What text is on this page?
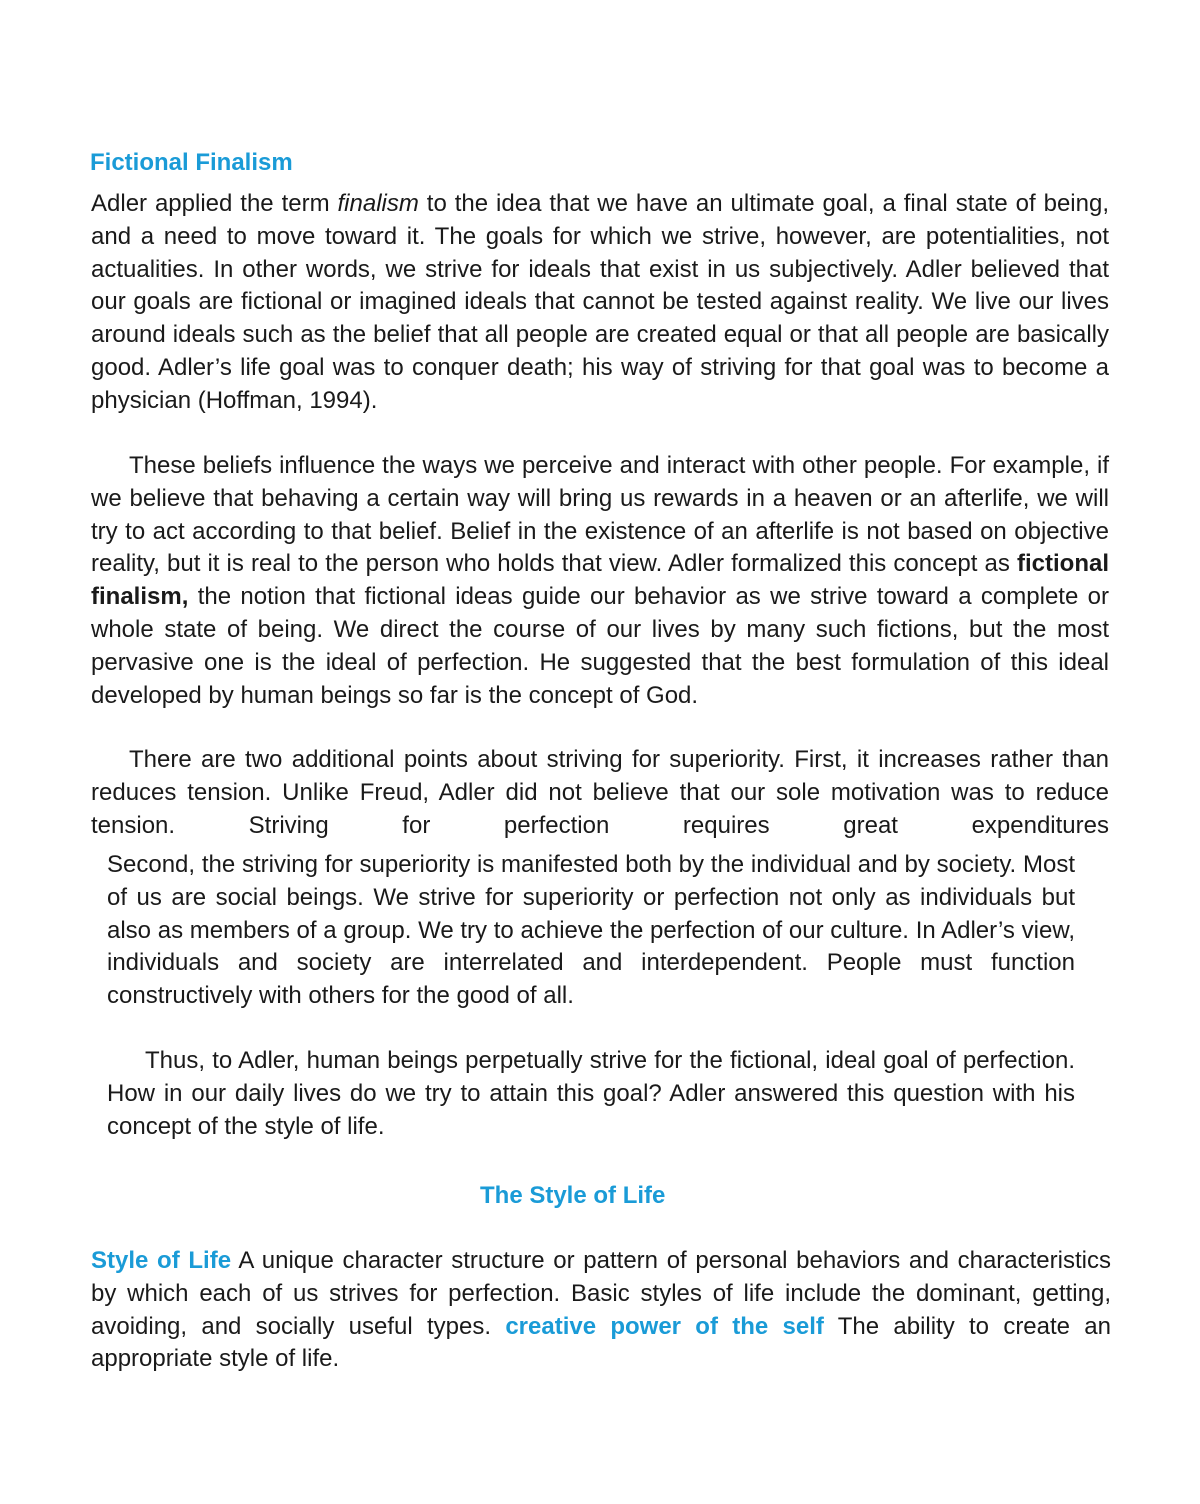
Fictional Finalism

Adler applied the term finalism to the idea that we have an ultimate goal, a final state of being, and a need to move toward it. The goals for which we strive, however, are potentialities, not actualities. In other words, we strive for ideals that exist in us subjectively. Adler believed that our goals are fictional or imagined ideals that cannot be tested against reality. We live our lives around ideals such as the belief that all people are created equal or that all people are basically good. Adler’s life goal was to conquer death; his way of striving for that goal was to become a physician (Hoffman, 1994).

These beliefs influence the ways we perceive and interact with other people. For example, if we believe that behaving a certain way will bring us rewards in a heaven or an afterlife, we will try to act according to that belief. Belief in the existence of an afterlife is not based on objective reality, but it is real to the person who holds that view. Adler formalized this concept as fictional finalism, the notion that fictional ideas guide our behavior as we strive toward a complete or whole state of being. We direct the course of our lives by many such fictions, but the most pervasive one is the ideal of perfection. He suggested that the best formulation of this ideal developed by human beings so far is the concept of God.

There are two additional points about striving for superiority. First, it increases rather than reduces tension. Unlike Freud, Adler did not believe that our sole motivation was to reduce tension. Striving for perfection requires great expenditures

Second, the striving for superiority is manifested both by the individual and by society. Most of us are social beings. We strive for superiority or perfection not only as individuals but also as members of a group. We try to achieve the perfection of our culture. In Adler’s view, individuals and society are interrelated and interdependent. People must function constructively with others for the good of all.

Thus, to Adler, human beings perpetually strive for the fictional, ideal goal of perfection. How in our daily lives do we try to attain this goal? Adler answered this question with his concept of the style of life.

The Style of Life

Style of Life A unique character structure or pattern of personal behaviors and characteristics by which each of us strives for perfection. Basic styles of life include the dominant, getting, avoiding, and socially useful types. creative power of the self The ability to create an appropriate style of life.
